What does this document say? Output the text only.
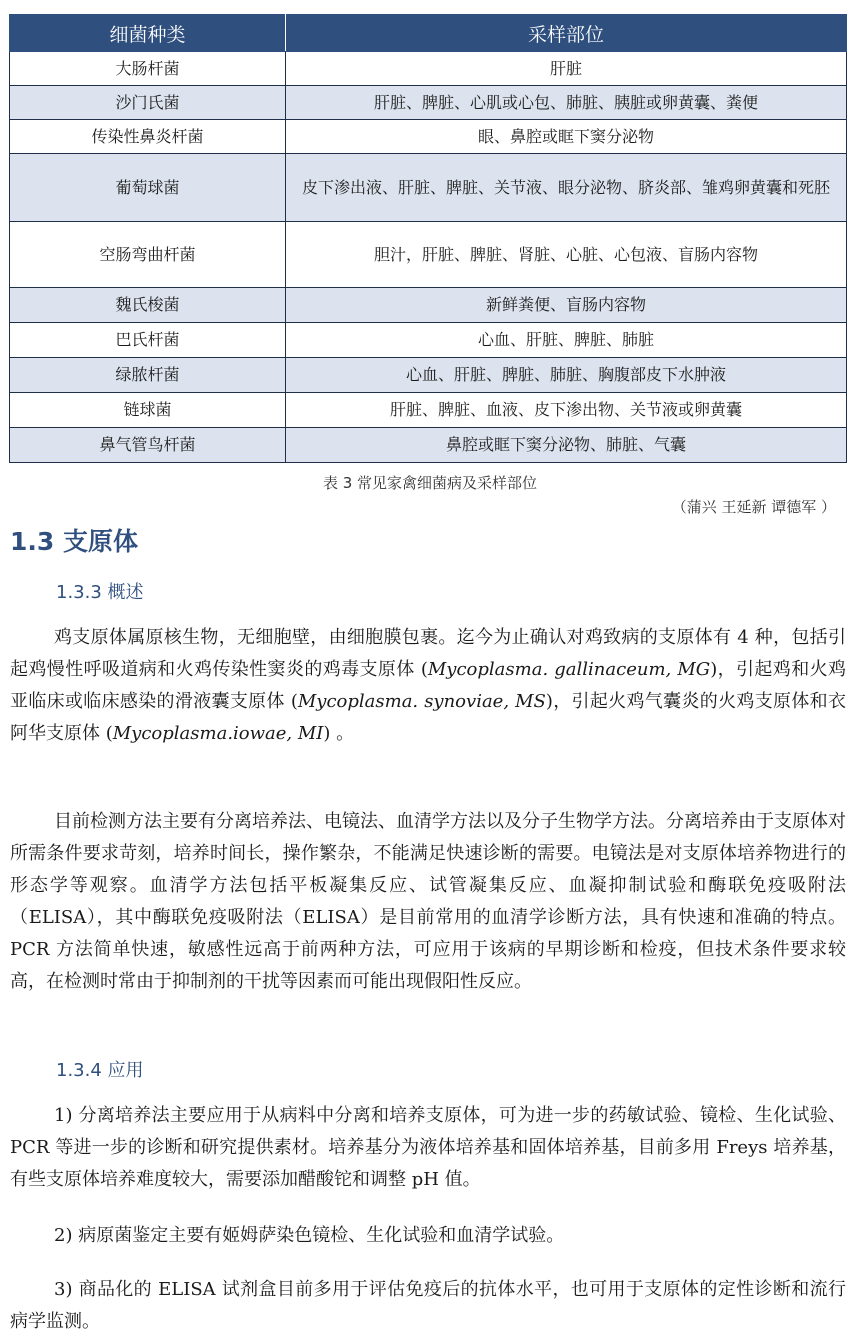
细菌种类	采样部位
大肠杆菌	肝脏
沙门氏菌	肝脏、脾脏、心肌或心包、肺脏、胰脏或卵黄囊、粪便
传染性鼻炎杆菌	眼、鼻腔或眶下窦分泌物
葡萄球菌	皮下渗出液、肝脏、脾脏、关节液、眼分泌物、脐炎部、雏鸡卵黄囊和死胚
空肠弯曲杆菌	胆汁，肝脏、脾脏、肾脏、心脏、心包液、盲肠内容物
魏氏梭菌	新鲜粪便、盲肠内容物
巴氏杆菌	心血、肝脏、脾脏、肺脏
绿脓杆菌	心血、肝脏、脾脏、肺脏、胸腹部皮下水肿液
链球菌	肝脏、脾脏、血液、皮下渗出物、关节液或卵黄囊
鼻气管鸟杆菌	鼻腔或眶下窦分泌物、肺脏、气囊
表 3 常见家禽细菌病及采样部位
（蒲兴 王延新 谭德军 ）
1.3 支原体
1.3.3 概述
鸡支原体属原核生物，无细胞壁，由细胞膜包裹。迄今为止确认对鸡致病的支原体有 4 种，包括引起鸡慢性呼吸道病和火鸡传染性窦炎的鸡毒支原体 (Mycoplasma. gallinaceum, MG)，引起鸡和火鸡亚临床或临床感染的滑液囊支原体 (Mycoplasma. synoviae, MS)，引起火鸡气囊炎的火鸡支原体和衣阿华支原体 (Mycoplasma.iowae, MI) 。
目前检测方法主要有分离培养法、电镜法、血清学方法以及分子生物学方法。分离培养由于支原体对所需条件要求苛刻，培养时间长，操作繁杂，不能满足快速诊断的需要。电镜法是对支原体培养物进行的形态学等观察。血清学方法包括平板凝集反应、试管凝集反应、血凝抑制试验和酶联免疫吸附法（ELISA），其中酶联免疫吸附法（ELISA）是目前常用的血清学诊断方法，具有快速和准确的特点。PCR 方法简单快速，敏感性远高于前两种方法，可应用于该病的早期诊断和检疫，但技术条件要求较高，在检测时常由于抑制剂的干扰等因素而可能出现假阳性反应。
1.3.4 应用
1) 分离培养法主要应用于从病料中分离和培养支原体，可为进一步的药敏试验、镜检、生化试验、PCR 等进一步的诊断和研究提供素材。培养基分为液体培养基和固体培养基，目前多用 Freys 培养基，有些支原体培养难度较大，需要添加醋酸铊和调整 pH 值。
2) 病原菌鉴定主要有姬姆萨染色镜检、生化试验和血清学试验。
3) 商品化的 ELISA 试剂盒目前多用于评估免疫后的抗体水平，也可用于支原体的定性诊断和流行病学监测。
